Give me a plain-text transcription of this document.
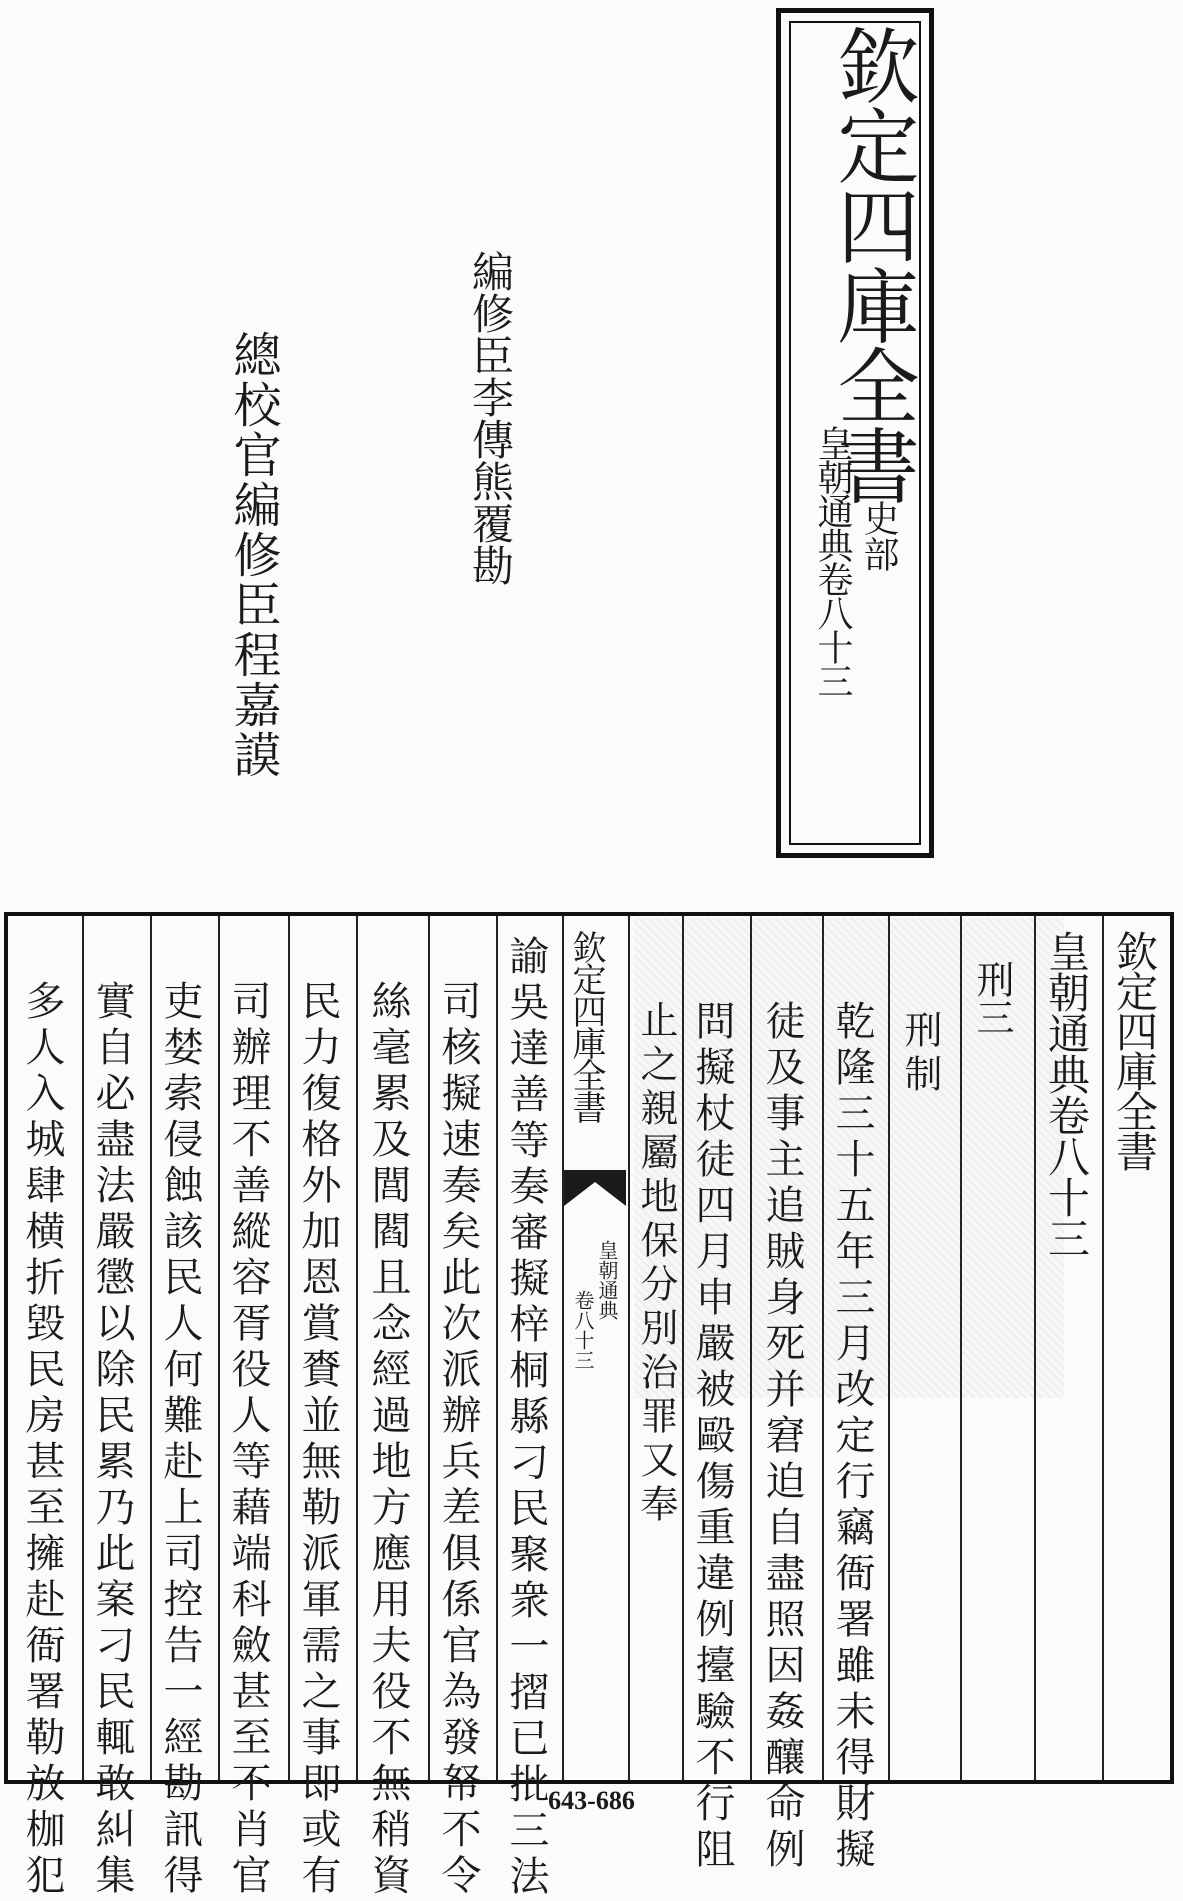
欽定四庫全書
皇朝通典卷八十三 史部
編修臣李傳熊覆勘
總校官編修臣程嘉謨
欽定四庫全書
皇朝通典卷八十三
刑三
刑制
乾隆三十五年三月改定行竊衙署雖未得財擬
徒及事主追賊身死并窘迫自盡照因姦釀命例
問擬杖徒四月申嚴被毆傷重違例擡驗不行阻
止之親屬地保分別治罪又奉
欽定四庫全書
皇朝通典
卷八十三
諭吳達善等奏審擬梓桐縣刁民聚衆一摺已批三法
司核擬速奏矣此次派辦兵差俱係官為發帑不令
絲毫累及閭閻且念經過地方應用夫役不無稍資
民力復格外加恩賞賚並無勒派軍需之事即或有
司辦理不善縱容胥役人等藉端科斂甚至不肖官
吏婪索侵蝕該民人何難赴上司控告一經勘訊得
實自必盡法嚴懲以除民累乃此案刁民輒敢糾集
多人入城肆横折毀民房甚至擁赴衙署勒放枷犯	643-686
